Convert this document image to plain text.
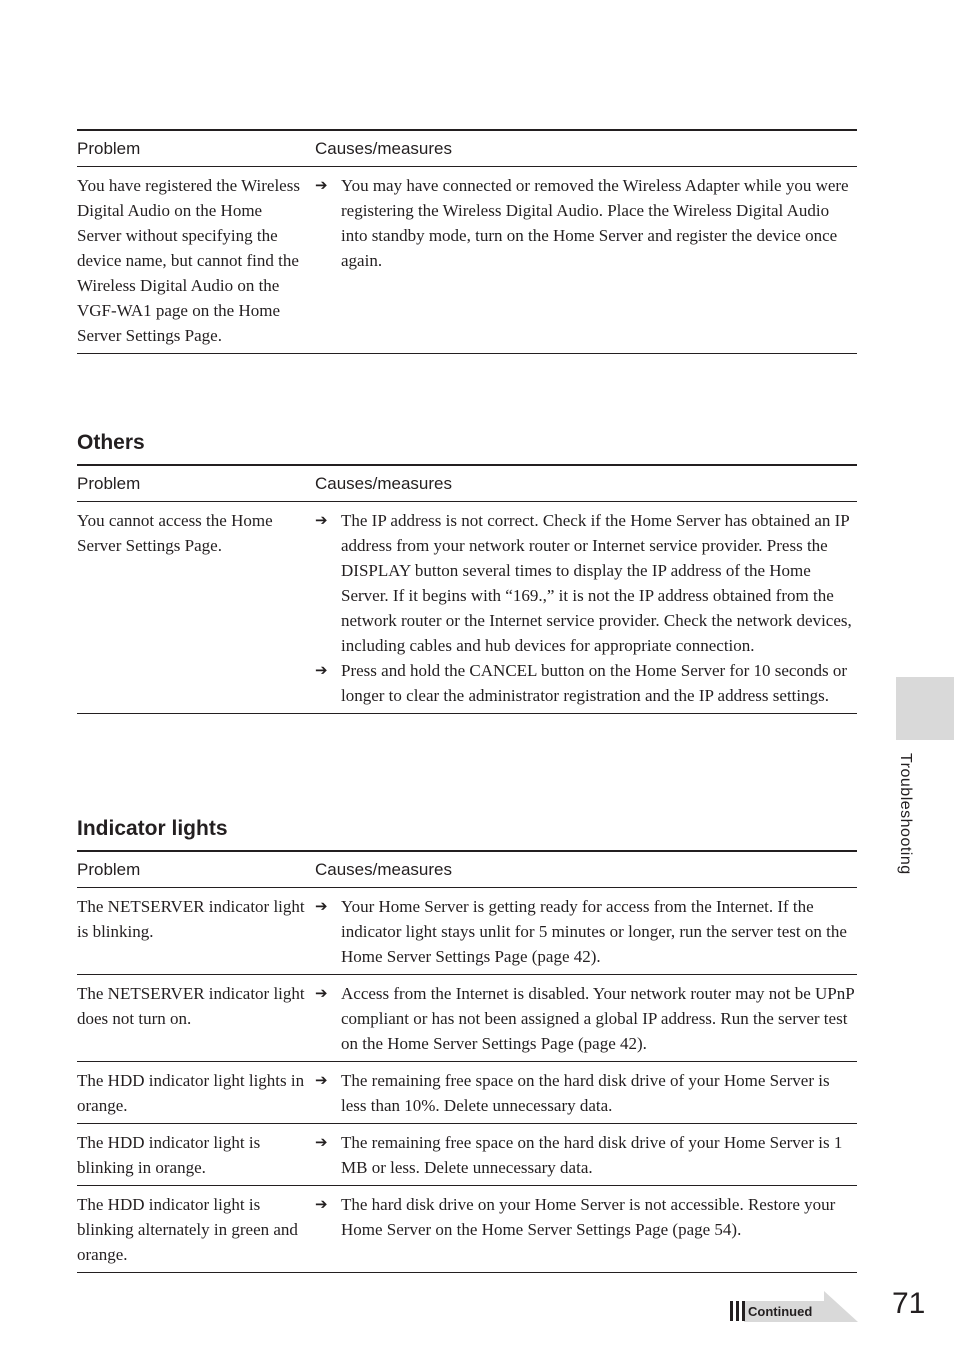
Problem	Causes/measures
You have registered the Wireless Digital Audio on the Home Server without specifying the device name, but cannot find the Wireless Digital Audio on the VGF-WA1 page on the Home Server Settings Page.	➔ You may have connected or removed the Wireless Adapter while you were registering the Wireless Digital Audio. Place the Wireless Digital Audio into standby mode, turn on the Home Server and register the device once again.
Others
Problem	Causes/measures
You cannot access the Home Server Settings Page.	➔ The IP address is not correct. Check if the Home Server has obtained an IP address from your network router or Internet service provider. Press the DISPLAY button several times to display the IP address of the Home Server. If it begins with “169.,” it is not the IP address obtained from the network router or the Internet service provider. Check the network devices, including cables and hub devices for appropriate connection.
➔ Press and hold the CANCEL button on the Home Server for 10 seconds or longer to clear the administrator registration and the IP address settings.
Indicator lights
Problem	Causes/measures
The NETSERVER indicator light is blinking.	➔ Your Home Server is getting ready for access from the Internet. If the indicator light stays unlit for 5 minutes or longer, run the server test on the Home Server Settings Page (page 42).

The NETSERVER indicator light does not turn on.	➔ Access from the Internet is disabled. Your network router may not be UPnP compliant or has not been assigned a global IP address. Run the server test on the Home Server Settings Page (page 42).

The HDD indicator light lights in orange.	➔ The remaining free space on the hard disk drive of your Home Server is less than 10%. Delete unnecessary data.

The HDD indicator light is blinking in orange.	➔ The remaining free space on the hard disk drive of your Home Server is 1 MB or less. Delete unnecessary data.

The HDD indicator light is blinking alternately in green and orange.	➔ The hard disk drive on your Home Server is not accessible. Restore your Home Server on the Home Server Settings Page (page 54).
Troubleshooting
Continued	71
